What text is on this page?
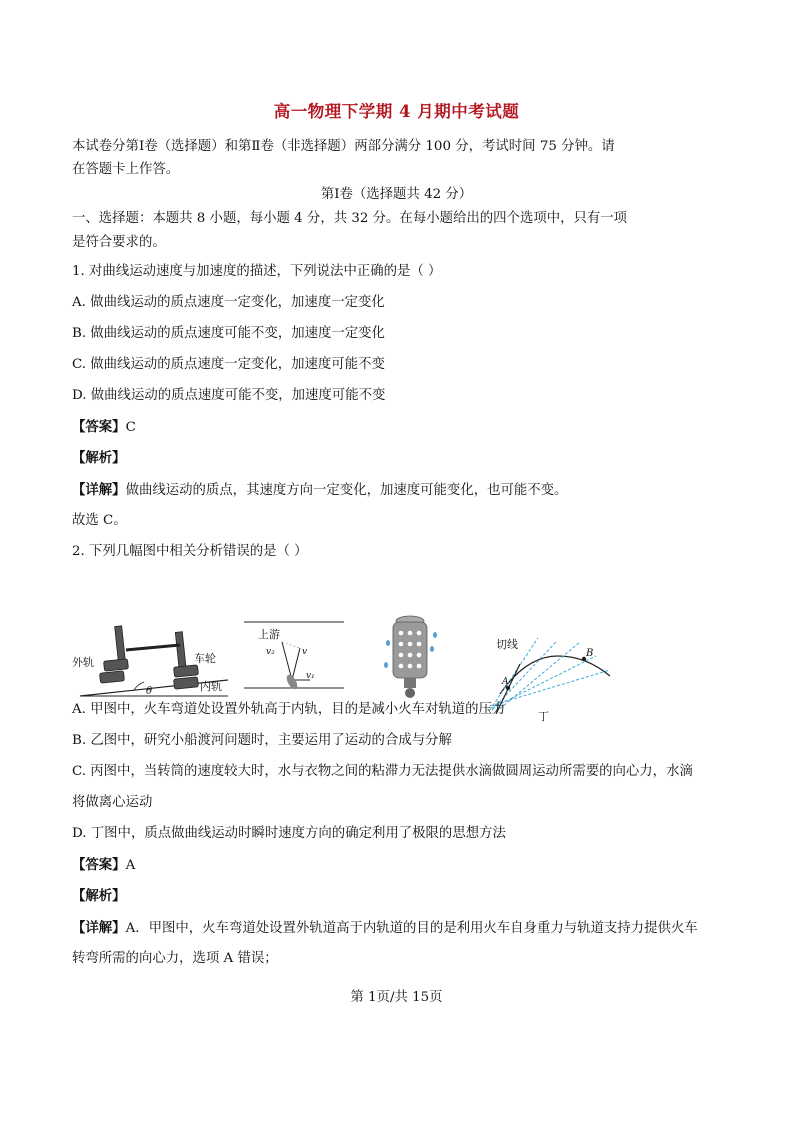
高一物理下学期 4 月期中考试题
本试卷分第Ⅰ卷（选择题）和第Ⅱ卷（非选择题）两部分满分 100 分，考试时间 75 分钟。请
在答题卡上作答。
第Ⅰ卷（选择题共 42 分）
一、选择题：本题共 8 小题，每小题 4 分，共 32 分。在每小题给出的四个选项中，只有一项
是符合要求的。
1. 对曲线运动速度与加速度的描述，下列说法中正确的是（ ）
A. 做曲线运动的质点速度一定变化，加速度一定变化
B. 做曲线运动的质点速度可能不变，加速度一定变化
C. 做曲线运动的质点速度一定变化，加速度可能不变
D. 做曲线运动的质点速度可能不变，加速度可能不变
【答案】C
【解析】
【详解】做曲线运动的质点，其速度方向一定变化，加速度可能变化，也可能不变。
故选 C。
2. 下列几幅图中相关分析错误的是（ ）
外轨	车轮
内轨
θ
上游
v₂	v
v₁
切线
A
B
丁
A. 甲图中，火车弯道处设置外轨高于内轨，目的是减小火车对轨道的压力
B. 乙图中，研究小船渡河问题时，主要运用了运动的合成与分解
C. 丙图中，当转筒的速度较大时，水与衣物之间的粘滞力无法提供水滴做圆周运动所需要的向心力，水滴
将做离心运动
D. 丁图中，质点做曲线运动时瞬时速度方向的确定利用了极限的思想方法
【答案】A
【解析】
【详解】A．甲图中，火车弯道处设置外轨道高于内轨道的目的是利用火车自身重力与轨道支持力提供火车
转弯所需的向心力，选项 A 错误；
第 1页/共 15页
